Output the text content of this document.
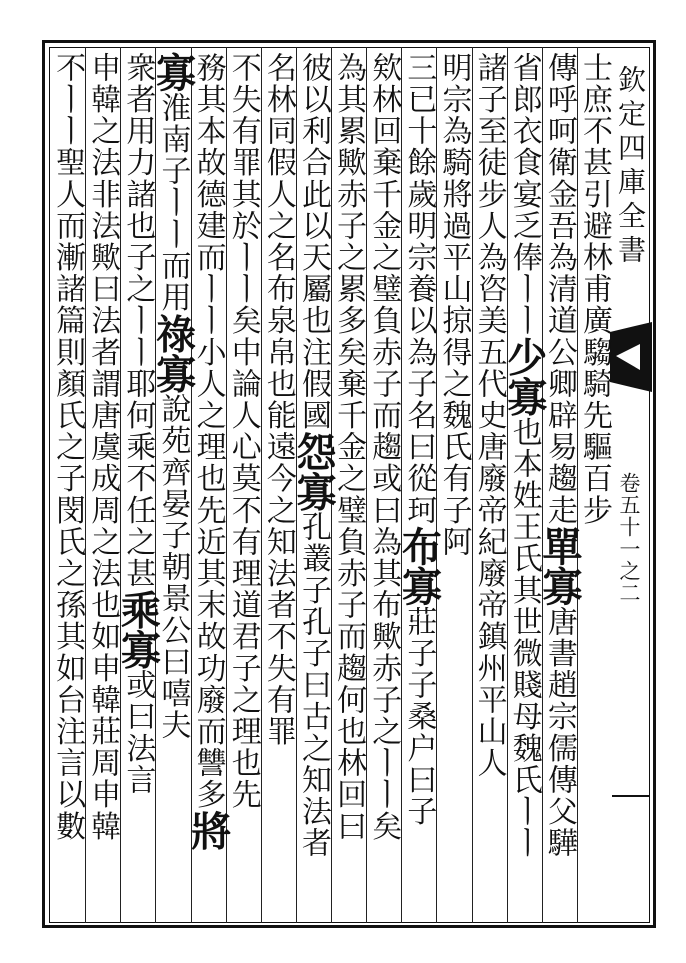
欽定四庫全書
卷五十一之二
士庶不甚引避林甫廣騶騎先驅百步
傳呼呵衛金吾為清道公卿辟易趨走單寡唐書趙宗儒傳父驊
省郎衣食宴乏俸ㅣㅣ少寡也本姓王氏其世微賤母魏氏ㅣㅣ
諸子至徒步人為咨美五代史唐廢帝紀廢帝鎮州平山人
明宗為騎將過平山掠得之魏氏有子阿
三已十餘歲明宗養以為子名曰從珂布寡莊子子桑户曰子
欸林回棄千金之璧負赤子而趨或曰為其布歟赤子之ㅣㅣ矣
為其累歟赤子之累多矣棄千金之璧負赤子而趨何也林回曰
彼以利合此以天屬也注假國怨寡孔叢子孔子曰古之知法者
名林同假人之名布泉帛也能遠今之知法者不失有罪
不失有罪其於ㅣㅣ矣中論人心莫不有理道君子之理也先
務其本故德建而ㅣㅣ小人之理也先近其末故功廢而讐多將
寡淮南子ㅣㅣ而用祿寡說苑齊晏子朝景公曰嘻夫
衆者用力諸也子之ㅣㅣ耶何乘不任之甚乘寡或曰法言
申韓之法非法歟曰法者謂唐虞成周之法也如申韓莊周申韓
不ㅣㅣ聖人而漸諸篇則顏氏之子閔氏之孫其如台注言以數
